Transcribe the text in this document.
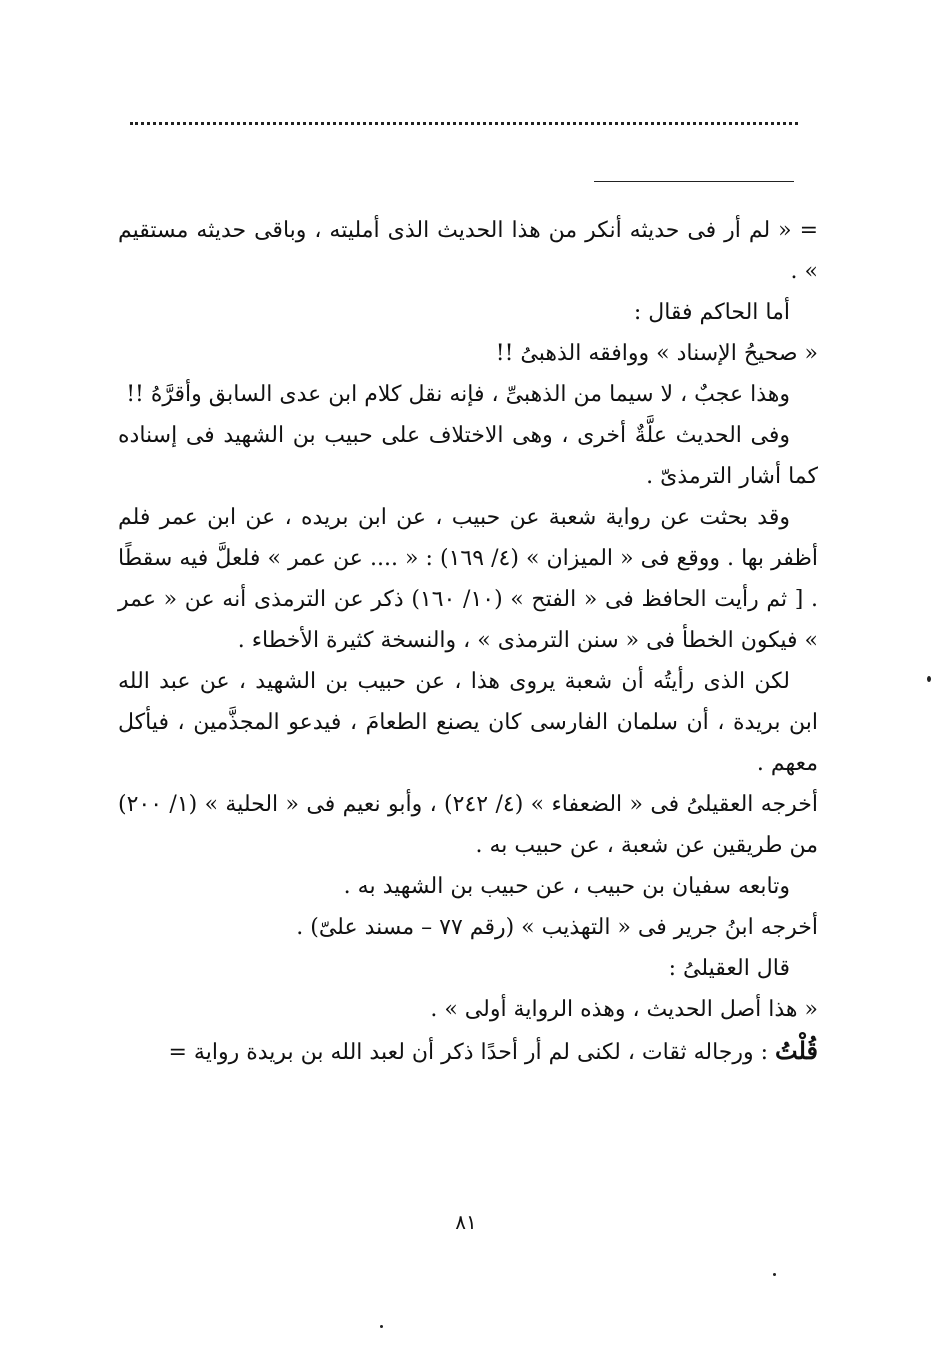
= « لم أر فى حديثه أنكر من هذا الحديث الذى أمليته ، وباقى حديثه مستقيم » .

أما الحاكم فقال :

« صحيحُ الإسناد » ووافقه الذهبىُ !!

وهذا عجبٌ ، لا سيما من الذهبىِّ ، فإنه نقل كلام ابن عدى السابق وأقرَّهُ !!

وفى الحديث علَّةٌ أخرى ، وهى الاختلاف على حبيب بن الشهيد فى إسناده كما أشار الترمذىّ .

وقد بحثت عن رواية شعبة عن حبيب ، عن ابن بريده ، عن ابن عمر فلم أظفر بها . ووقع فى « الميزان » (٤/ ١٦٩) : « .... عن عمر » فلعلَّ فيه سقطًا . [ ثم رأيت الحافظ فى « الفتح » (١٠/ ١٦٠) ذكر عن الترمذى أنه عن « عمر » فيكون الخطأ فى « سنن الترمذى » ، والنسخة كثيرة الأخطاء .

لكن الذى رأيتُه أن شعبة يروى هذا ، عن حبيب بن الشهيد ، عن عبد الله ابن بريدة ، أن سلمان الفارسى كان يصنع الطعامَ ، فيدعو المجذَّمين ، فيأكل معهم .

أخرجه العقيلىُ فى « الضعفاء » (٤/ ٢٤٢) ، وأبو نعيم فى « الحلية » (١/ ٢٠٠) من طريقين عن شعبة ، عن حبيب به .

وتابعه سفيان بن حبيب ، عن حبيب بن الشهيد به .

أخرجه ابنُ جرير فى « التهذيب » (رقم ٧٧ – مسند علىّ) .

قال العقيلىُ :

« هذا أصل الحديث ، وهذه الرواية أولى » .

قُلْتُ : ورجاله ثقات ، لكنى لم أر أحدًا ذكر أن لعبد الله بن بريدة رواية =

٨١
